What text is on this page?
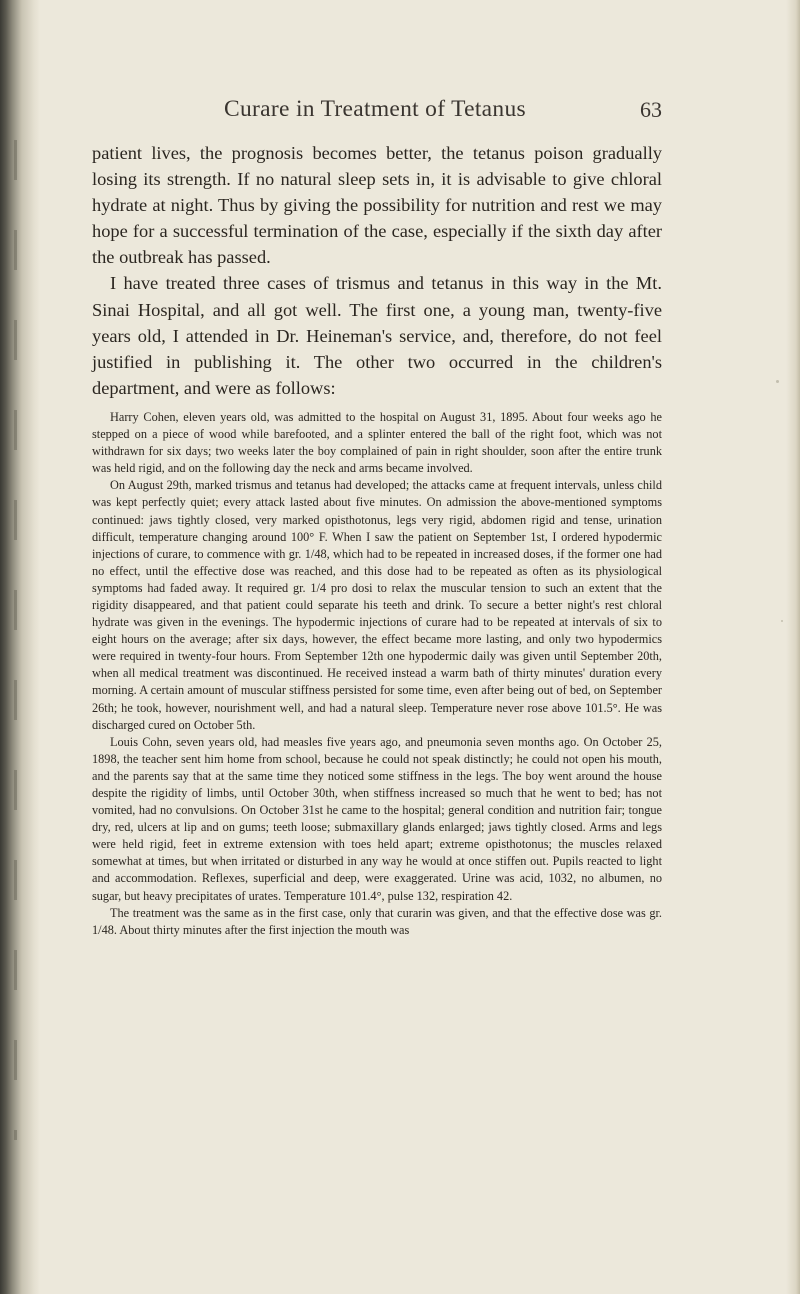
Curare in Treatment of Tetanus	63

patient lives, the prognosis becomes better, the tetanus poison gradually losing its strength. If no natural sleep sets in, it is advisable to give chloral hydrate at night. Thus by giving the possibility for nutrition and rest we may hope for a successful termination of the case, especially if the sixth day after the outbreak has passed.

I have treated three cases of trismus and tetanus in this way in the Mt. Sinai Hospital, and all got well. The first one, a young man, twenty-five years old, I attended in Dr. Heineman's service, and, therefore, do not feel justified in publishing it. The other two occurred in the children's department, and were as follows:

Harry Cohen, eleven years old, was admitted to the hospital on August 31, 1895. About four weeks ago he stepped on a piece of wood while barefooted, and a splinter entered the ball of the right foot, which was not withdrawn for six days; two weeks later the boy complained of pain in right shoulder, soon after the entire trunk was held rigid, and on the following day the neck and arms became involved.

On August 29th, marked trismus and tetanus had developed; the attacks came at frequent intervals, unless child was kept perfectly quiet; every attack lasted about five minutes. On admission the above-mentioned symptoms continued: jaws tightly closed, very marked opisthotonus, legs very rigid, abdomen rigid and tense, urination difficult, temperature changing around 100° F. When I saw the patient on September 1st, I ordered hypodermic injections of curare, to commence with gr. 1/48, which had to be repeated in increased doses, if the former one had no effect, until the effective dose was reached, and this dose had to be repeated as often as its physiological symptoms had faded away. It required gr. 1/4 pro dosi to relax the muscular tension to such an extent that the rigidity disappeared, and that patient could separate his teeth and drink. To secure a better night's rest chloral hydrate was given in the evenings. The hypodermic injections of curare had to be repeated at intervals of six to eight hours on the average; after six days, however, the effect became more lasting, and only two hypodermics were required in twenty-four hours. From September 12th one hypodermic daily was given until September 20th, when all medical treatment was discontinued. He received instead a warm bath of thirty minutes' duration every morning. A certain amount of muscular stiffness persisted for some time, even after being out of bed, on September 26th; he took, however, nourishment well, and had a natural sleep. Temperature never rose above 101.5°. He was discharged cured on October 5th.

Louis Cohn, seven years old, had measles five years ago, and pneumonia seven months ago. On October 25, 1898, the teacher sent him home from school, because he could not speak distinctly; he could not open his mouth, and the parents say that at the same time they noticed some stiffness in the legs. The boy went around the house despite the rigidity of limbs, until October 30th, when stiffness increased so much that he went to bed; has not vomited, had no convulsions. On October 31st he came to the hospital; general condition and nutrition fair; tongue dry, red, ulcers at lip and on gums; teeth loose; submaxillary glands enlarged; jaws tightly closed. Arms and legs were held rigid, feet in extreme extension with toes held apart; extreme opisthotonus; the muscles relaxed somewhat at times, but when irritated or disturbed in any way he would at once stiffen out. Pupils reacted to light and accommodation. Reflexes, superficial and deep, were exaggerated. Urine was acid, 1032, no albumen, no sugar, but heavy precipitates of urates. Temperature 101.4°, pulse 132, respiration 42.

The treatment was the same as in the first case, only that curarin was given, and that the effective dose was gr. 1/48. About thirty minutes after the first injection the mouth was
